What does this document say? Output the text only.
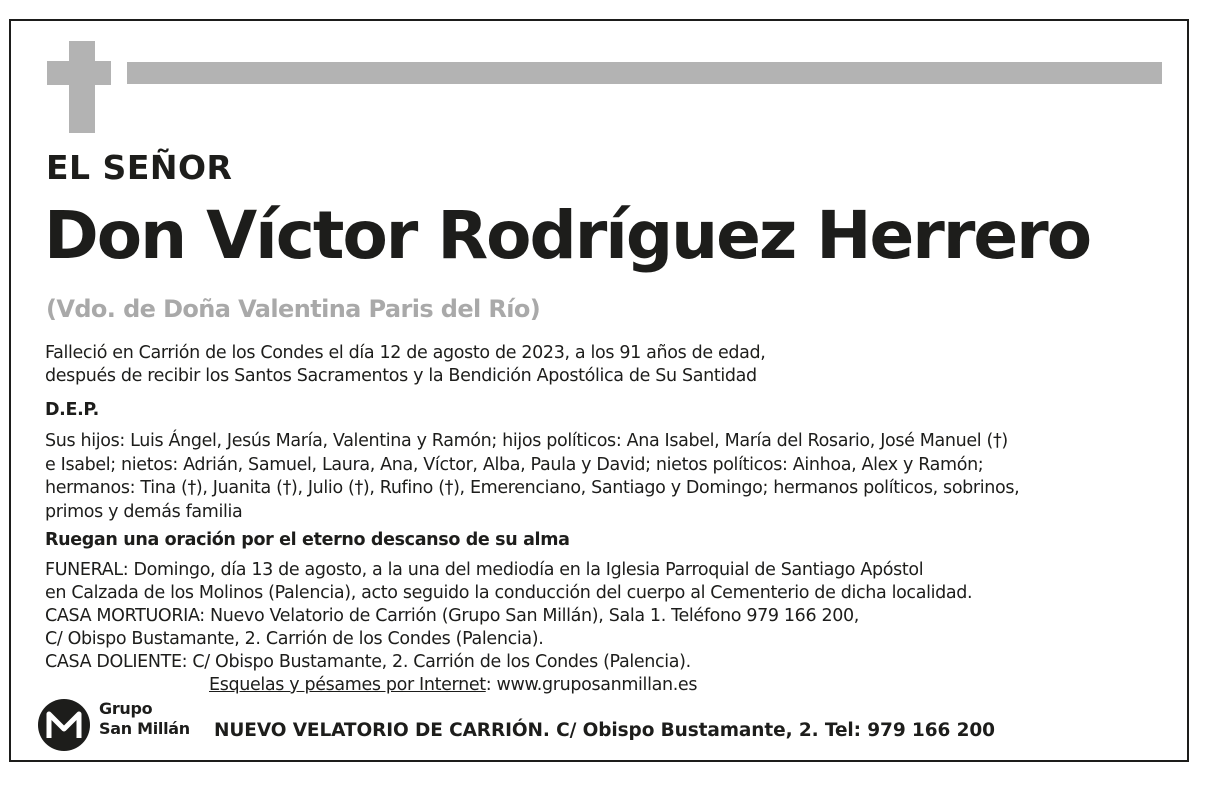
EL SEÑOR
Don Víctor Rodríguez Herrero
(Vdo. de Doña Valentina Paris del Río)
Falleció en Carrión de los Condes el día 12 de agosto de 2023, a los 91 años de edad,
después de recibir los Santos Sacramentos y la Bendición Apostólica de Su Santidad
D.E.P.
Sus hijos: Luis Ángel, Jesús María, Valentina y Ramón; hijos políticos: Ana Isabel, María del Rosario, José Manuel (†)
e Isabel; nietos: Adrián, Samuel, Laura, Ana, Víctor, Alba, Paula y David; nietos políticos: Ainhoa, Alex y Ramón;
hermanos: Tina (†), Juanita (†), Julio (†), Rufino (†), Emerenciano, Santiago y Domingo; hermanos políticos, sobrinos,
primos y demás familia
Ruegan una oración por el eterno descanso de su alma
FUNERAL: Domingo, día 13 de agosto, a la una del mediodía en la Iglesia Parroquial de Santiago Apóstol
en Calzada de los Molinos (Palencia), acto seguido la conducción del cuerpo al Cementerio de dicha localidad.
CASA MORTUORIA: Nuevo Velatorio de Carrión (Grupo San Millán), Sala 1. Teléfono 979 166 200,
C/ Obispo Bustamante, 2. Carrión de los Condes (Palencia).
CASA DOLIENTE: C/ Obispo Bustamante, 2. Carrión de los Condes (Palencia).
Esquelas y pésames por Internet: www.gruposanmillan.es
Grupo
San Millán NUEVO VELATORIO DE CARRIÓN. C/ Obispo Bustamante, 2. Tel: 979 166 200
